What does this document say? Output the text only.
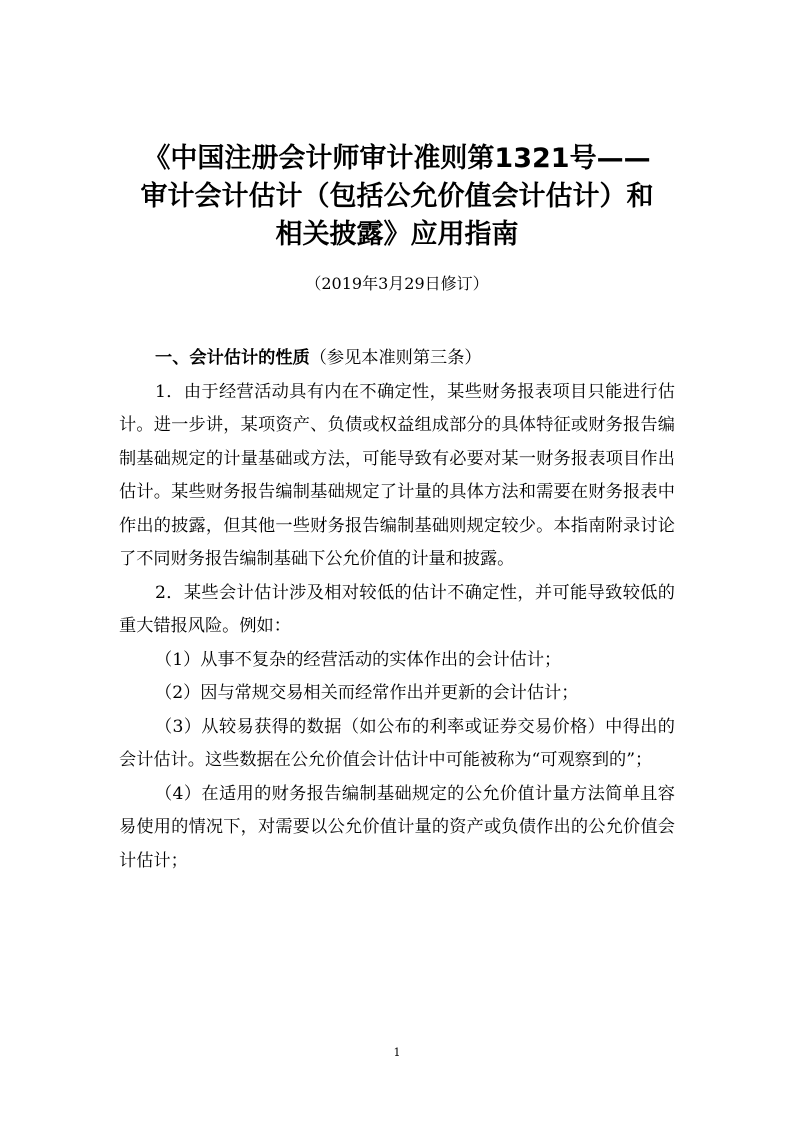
《中国注册会计师审计准则第1321号——
审计会计估计（包括公允价值会计估计）和
相关披露》应用指南
（2019年3月29日修订）

一、会计估计的性质（参见本准则第三条）

1．由于经营活动具有内在不确定性，某些财务报表项目只能进行估计。进一步讲，某项资产、负债或权益组成部分的具体特征或财务报告编制基础规定的计量基础或方法，可能导致有必要对某一财务报表项目作出估计。某些财务报告编制基础规定了计量的具体方法和需要在财务报表中作出的披露，但其他一些财务报告编制基础则规定较少。本指南附录讨论了不同财务报告编制基础下公允价值的计量和披露。

2．某些会计估计涉及相对较低的估计不确定性，并可能导致较低的重大错报风险。例如：

（1）从事不复杂的经营活动的实体作出的会计估计；

（2）因与常规交易相关而经常作出并更新的会计估计；

（3）从较易获得的数据（如公布的利率或证券交易价格）中得出的会计估计。这些数据在公允价值会计估计中可能被称为“可观察到的”；

（4）在适用的财务报告编制基础规定的公允价值计量方法简单且容易使用的情况下，对需要以公允价值计量的资产或负债作出的公允价值会计估计；

1
